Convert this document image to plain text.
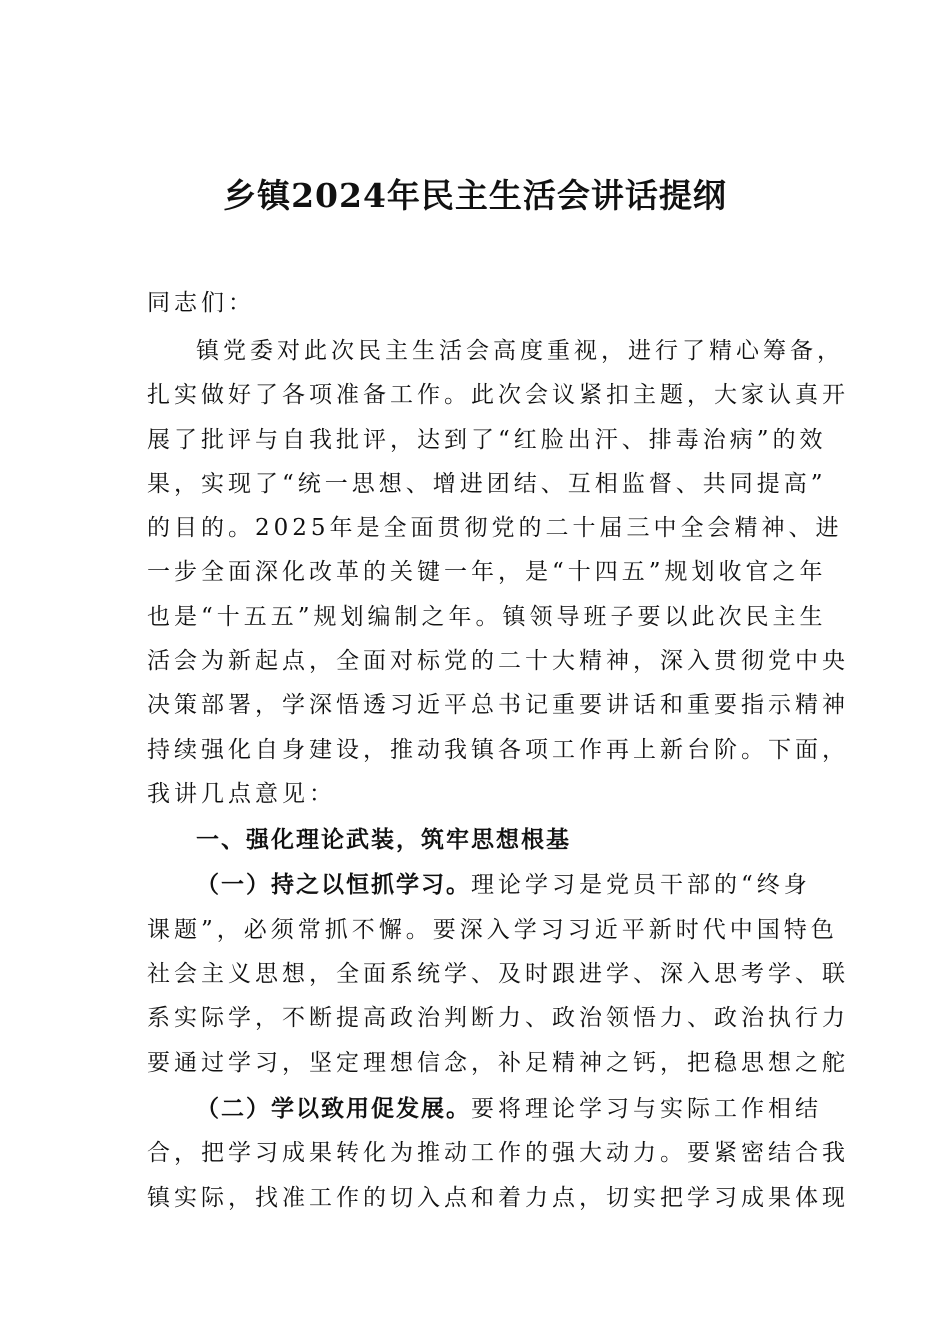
乡镇2024年民主生活会讲话提纲
同志们：
镇党委对此次民主生活会高度重视，进行了精心筹备，
扎实做好了各项准备工作。此次会议紧扣主题，大家认真开
展了批评与自我批评，达到了“红脸出汗、排毒治病”的效
果，实现了“统一思想、增进团结、互相监督、共同提高”
的目的。2025年是全面贯彻党的二十届三中全会精神、进
一步全面深化改革的关键一年，是“十四五”规划收官之年
也是“十五五”规划编制之年。镇领导班子要以此次民主生
活会为新起点，全面对标党的二十大精神，深入贯彻党中央
决策部署，学深悟透习近平总书记重要讲话和重要指示精神
持续强化自身建设，推动我镇各项工作再上新台阶。下面，
我讲几点意见：
一、强化理论武装，筑牢思想根基
（一）持之以恒抓学习。理论学习是党员干部的“终身
课题”，必须常抓不懈。要深入学习习近平新时代中国特色
社会主义思想，全面系统学、及时跟进学、深入思考学、联
系实际学，不断提高政治判断力、政治领悟力、政治执行力
要通过学习，坚定理想信念，补足精神之钙，把稳思想之舵
（二）学以致用促发展。要将理论学习与实际工作相结
合，把学习成果转化为推动工作的强大动力。要紧密结合我
镇实际，找准工作的切入点和着力点，切实把学习成果体现
